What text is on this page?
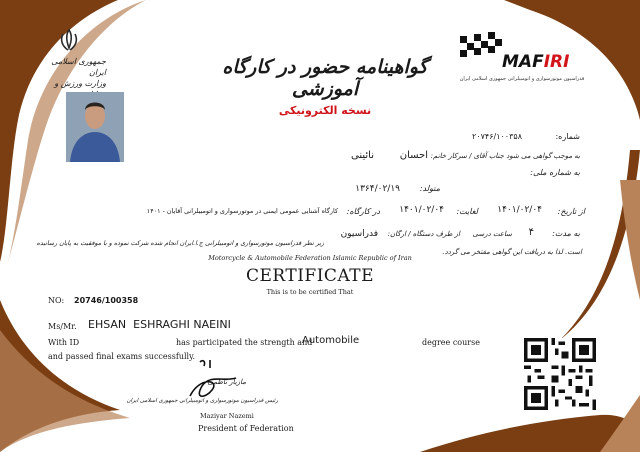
جمهوری اسلامی ایران
وزارت ورزش و
MAFIRI
فدراسیون موتورسواری و اتومبیلرانی جمهوری اسلامی ایران
گواهینامه حضور در کارگاه آموزشی
نسخه الکترونیکی
شماره:
۲۰۷۴۶/۱۰۰۳۵۸
به موجب گواهی می شود جناب آقای / سرکار خانم:
احسان
نائینی
به شماره ملی:
متولد:
۱۳۶۴/۰۲/۱۹
از تاریخ:
۱۴۰۱/۰۲/۰۴
لغایت:
۱۴۰۱/۰۲/۰۴
در کارگاه:
کارگاه آشنایی عمومی ایمنی در موتورسواری و اتومبیلرانی آقایان - ۱۴۰۱
به مدت:
۴
ساعت درسی
از طرف دستگاه / ارگان:
فدراسیون
زیر نظر فدراسیون موتورسواری و اتومبیلرانی ج.ا.ایران انجام شده شرکت نموده و با موفقیت به پایان رسانیده
است. لذا به دریافت این گواهی مفتخر می گردد.
Motorcycle & Automobile Federation Islamic Republic of Iran
CERTIFICATE
This is to be certified That
NO: 20746/100358
Ms/Mr. EHSAN  ESHRAGHI NAEINI
With ID	has participated the strength and
Automobile	degree course
and passed final exams successfully.
مازیار ناظمی
رئیس فدراسیون موتورسواری و اتومبیلرانی جمهوری اسلامی ایران
Maziyar Nazemi
President of Federation
